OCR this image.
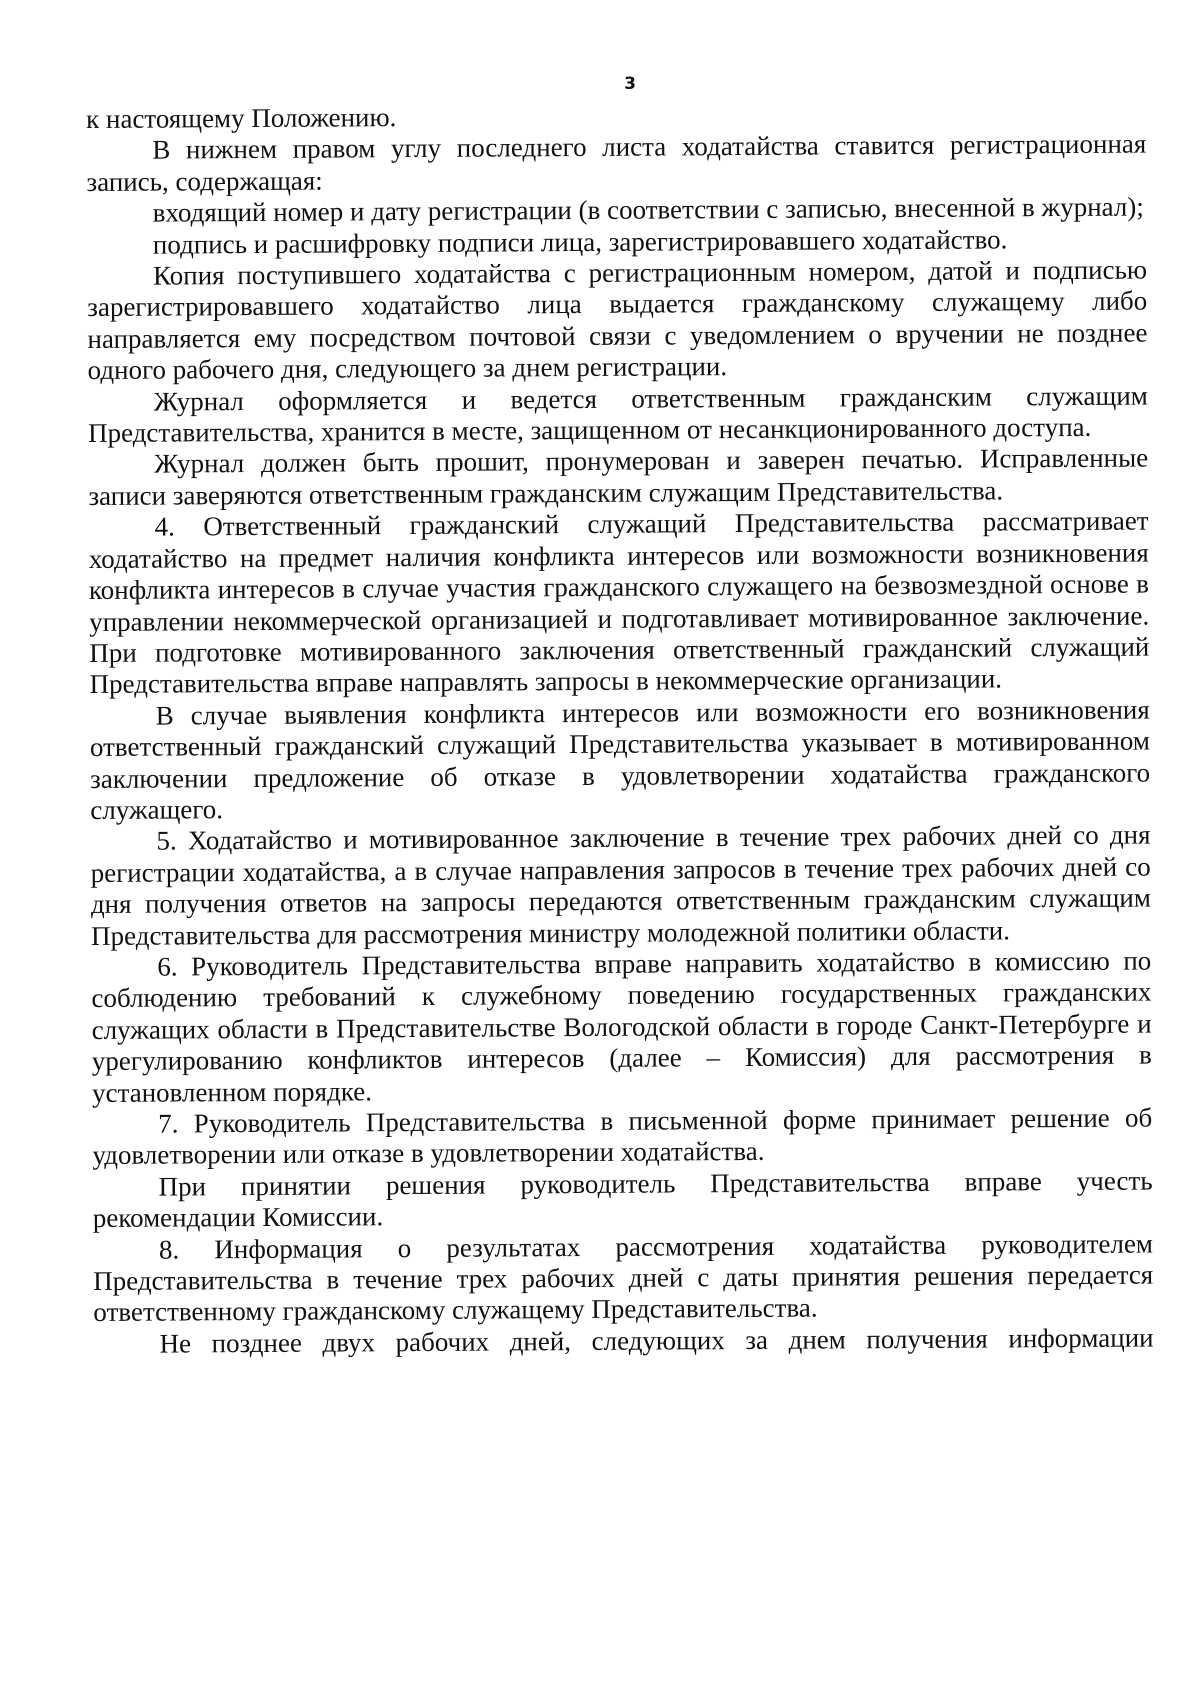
3

к настоящему Положению.

В нижнем правом углу последнего листа ходатайства ставится регистрационная запись, содержащая:

входящий номер и дату регистрации (в соответствии с записью, внесенной в журнал);

подпись и расшифровку подписи лица, зарегистрировавшего ходатайство.

Копия поступившего ходатайства с регистрационным номером, датой и подписью зарегистрировавшего ходатайство лица выдается гражданскому служащему либо направляется ему посредством почтовой связи с уведомлением о вручении не позднее одного рабочего дня, следующего за днем регистрации.

Журнал оформляется и ведется ответственным гражданским служащим Представительства, хранится в месте, защищенном от несанкционированного доступа.

Журнал должен быть прошит, пронумерован и заверен печатью. Исправленные записи заверяются ответственным гражданским служащим Представительства.

4. Ответственный гражданский служащий Представительства рассматривает ходатайство на предмет наличия конфликта интересов или возможности возникновения конфликта интересов в случае участия гражданского служащего на безвозмездной основе в управлении некоммерческой организацией и подготавливает мотивированное заключение. При подготовке мотивированного заключения ответственный гражданский служащий Представительства вправе направлять запросы в некоммерческие организации.

В случае выявления конфликта интересов или возможности его возникновения ответственный гражданский служащий Представительства указывает в мотивированном заключении предложение об отказе в удовлетворении ходатайства гражданского служащего.

5. Ходатайство и мотивированное заключение в течение трех рабочих дней со дня регистрации ходатайства, а в случае направления запросов в течение трех рабочих дней со дня получения ответов на запросы передаются ответственным гражданским служащим Представительства для рассмотрения министру молодежной политики области.

6. Руководитель Представительства вправе направить ходатайство в комиссию по соблюдению требований к служебному поведению государственных гражданских служащих области в Представительстве Вологодской области в городе Санкт-Петербурге и урегулированию конфликтов интересов (далее – Комиссия) для рассмотрения в установленном порядке.

7. Руководитель Представительства в письменной форме принимает решение об удовлетворении или отказе в удовлетворении ходатайства.

При принятии решения руководитель Представительства вправе учесть рекомендации Комиссии.

8. Информация о результатах рассмотрения ходатайства руководителем Представительства в течение трех рабочих дней с даты принятия решения передается ответственному гражданскому служащему Представительства.

Не позднее двух рабочих дней, следующих за днем получения информации
